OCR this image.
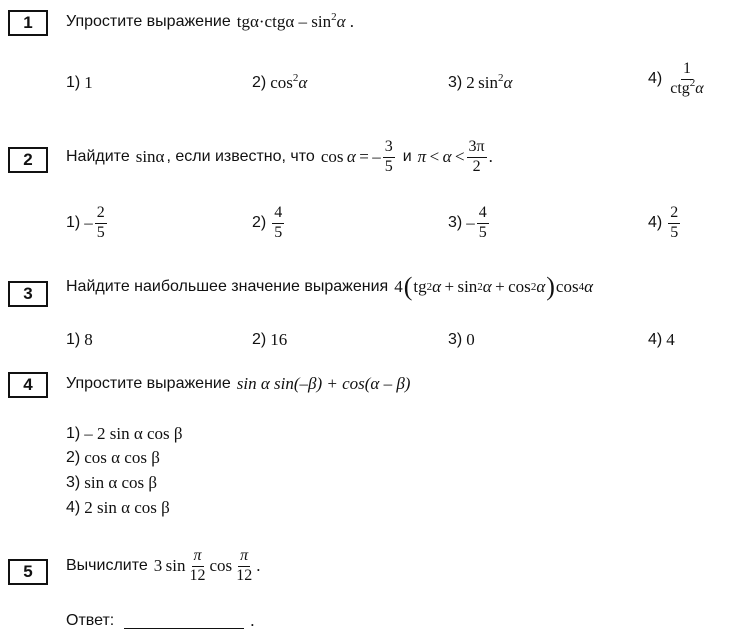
1	Упростите выражение $tg\alpha\cdot ctg\alpha - \sin^2\alpha$ .
1) 1	2) $\cos^2\alpha$	3) 2  $\sin^2\alpha$	$4) \frac{1}{ctg^2\alpha}$
2	Найдите sinα , если известно, что cos  α  =  – $\frac{3}{5}$ и $\pi < \alpha < \frac{3\pi}{2}$ .
$1) - \frac{2}{5}$	$2) \frac{4}{5}$	$3) - \frac{4}{5}$	$4) \frac{2}{5}$
3	Найдите наибольшее значение выражения 4 ( tg 2 α
  +
  sin 2 α
  +
  cos 2 α ) cos 4 α
1) 8	2) 16	3) 0	4) 4
4	Упростите выражение sin α sin(–β) + cos(α – β)
1) – 2 sin α cos β
2) cos α cos β
3) sin α cos β
4) 2 sin α cos β
5	Вычислите 3
  $\sin \frac{\pi}{12}$ $\cos \frac{\pi}{12}$ .
Ответ:	.
